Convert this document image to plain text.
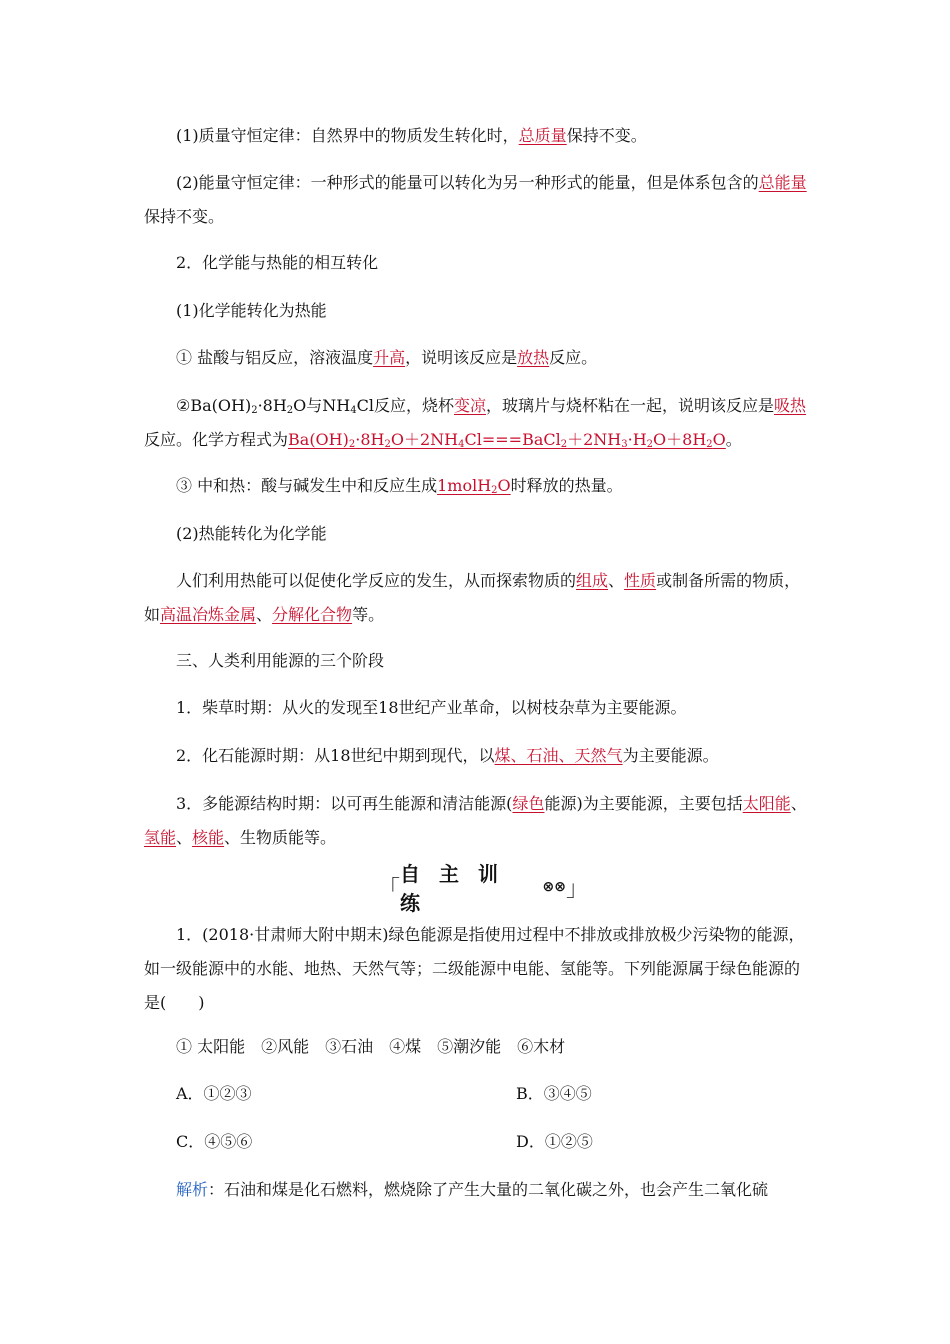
(1)质量守恒定律：自然界中的物质发生转化时，总质量保持不变。

(2)能量守恒定律：一种形式的能量可以转化为另一种形式的能量，但是体系包含的总能量保持不变。

2．化学能与热能的相互转化

(1)化学能转化为热能

① 盐酸与铝反应，溶液温度升高，说明该反应是放热反应。

$②Ba(OH)_2\cdot 8H_2O$与$NH_4Cl$反应，烧杯变凉，玻璃片与烧杯粘在一起，说明该反应是吸热反应。化学方程式为$Ba(OH)_2\cdot 8H_2O+2NH_4Cl===BaCl_2+2NH_3\cdot H_2O+8H_2O$。

③ 中和热：酸与碱发生中和反应生成1molH$_2$O时释放的热量。

(2)热能转化为化学能

人们利用热能可以促使化学反应的发生，从而探索物质的组成、性质或制备所需的物质，如高温冶炼金属、分解化合物等。

三、人类利用能源的三个阶段

1．柴草时期：从火的发现至18世纪产业革命，以树枝杂草为主要能源。

2．化石能源时期：从18世纪中期到现代，以煤、石油、天然气为主要能源。

3．多能源结构时期：以可再生能源和清洁能源(绿色能源)为主要能源，主要包括太阳能、氢能、核能、生物质能等。

「
自 主 训 练
⊗⊗ 」

1．(2018·甘肃师大附中期末)绿色能源是指使用过程中不排放或排放极少污染物的能源，如一级能源中的水能、地热、天然气等；二级能源中电能、氢能等。下列能源属于绿色能源的是(　　)

① 太阳能　②风能　③石油　④煤　⑤潮汐能　⑥木材

A．①②③	B．③④⑤
C．④⑤⑥	D．①②⑤

解析：石油和煤是化石燃料，燃烧除了产生大量的二氧化碳之外，也会产生二氧化硫
